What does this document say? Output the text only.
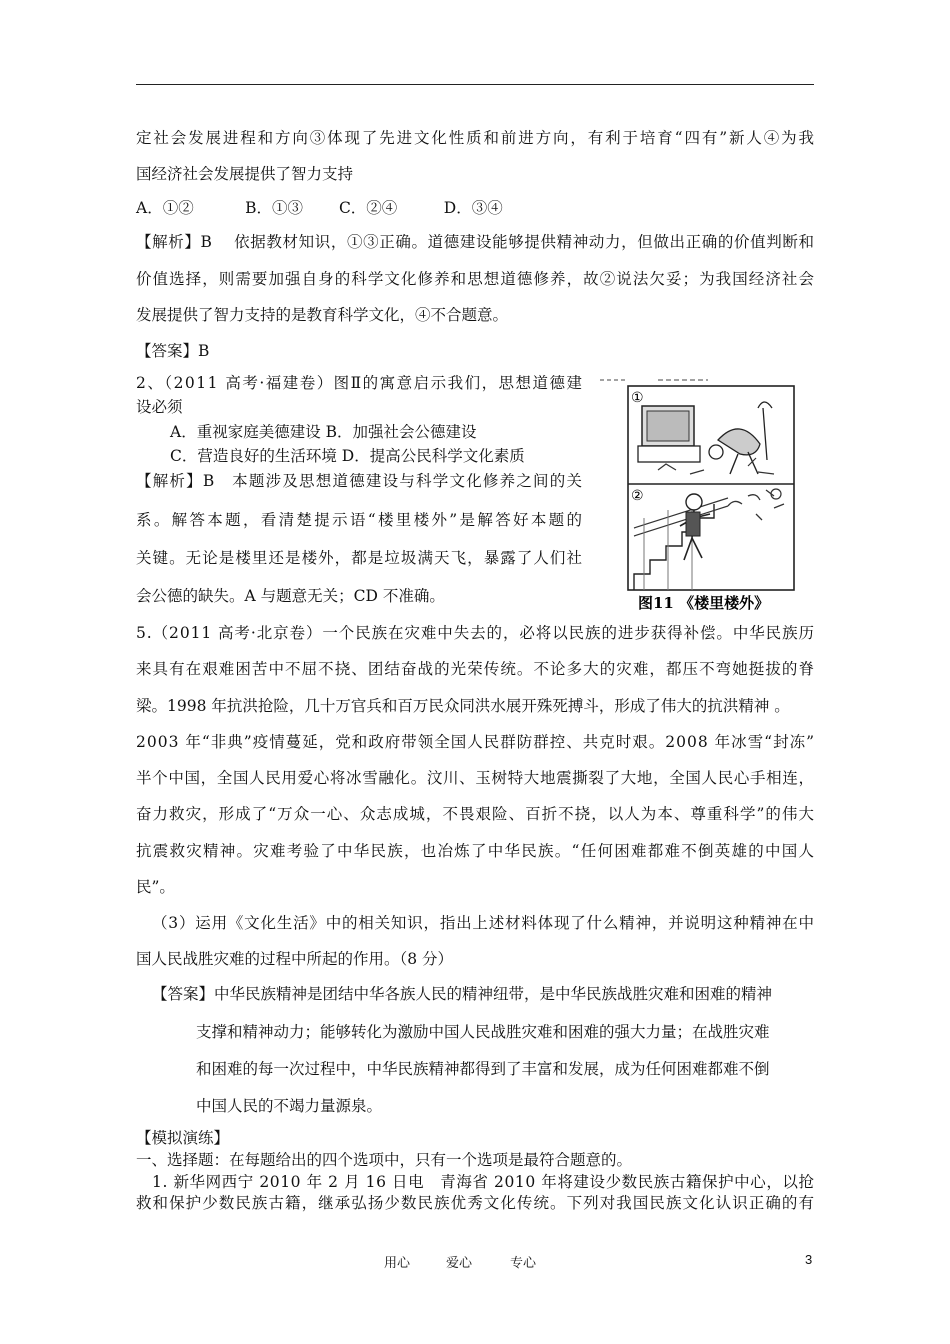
定社会发展进程和方向③体现了先进文化性质和前进方向，有利于培育“四有”新人④为我
国经济社会发展提供了智力支持
A．①②　　　 B．①③　　 C．②④　　　D．③④
【解析】B　 依据教材知识，①③正确。道德建设能够提供精神动力，但做出正确的价值判断和
价值选择，则需要加强自身的科学文化修养和思想道德修养，故②说法欠妥；为我国经济社会
发展提供了智力支持的是教育科学文化，④不合题意。
【答案】B
2、（2011 高考·福建卷）图Ⅱ的寓意启示我们，思想道德建
设必须
A．重视家庭美德建设 B．加强社会公德建设
C．营造良好的生活环境 D．提高公民科学文化素质
【解析】B　本题涉及思想道德建设与科学文化修养之间的关
系。解答本题，看清楚提示语“楼里楼外”是解答好本题的
关键。无论是楼里还是楼外，都是垃圾满天飞，暴露了人们社
会公德的缺失。A 与题意无关；CD 不准确。
①
②
图11 《楼里楼外》
5.（2011 高考·北京卷）一个民族在灾难中失去的，必将以民族的进步获得补偿。中华民族历
来具有在艰难困苦中不屈不挠、团结奋战的光荣传统。不论多大的灾难，都压不弯她挺拔的脊
梁。1998 年抗洪抢险，几十万官兵和百万民众同洪水展开殊死搏斗，形成了伟大的抗洪精神 。
2003 年“非典”疫情蔓延，党和政府带领全国人民群防群控、共克时艰。2008 年冰雪“封冻”
半个中国，全国人民用爱心将冰雪融化。汶川、玉树特大地震撕裂了大地，全国人民心手相连，
奋力救灾，形成了“万众一心、众志成城，不畏艰险、百折不挠，以人为本、尊重科学”的伟大
抗震救灾精神。灾难考验了中华民族，也冶炼了中华民族。“任何困难都难不倒英雄的中国人
民”。
（3）运用《文化生活》中的相关知识，指出上述材料体现了什么精神，并说明这种精神在中
国人民战胜灾难的过程中所起的作用。（8 分）
【答案】中华民族精神是团结中华各族人民的精神纽带，是中华民族战胜灾难和困难的精神
支撑和精神动力；能够转化为激励中国人民战胜灾难和困难的强大力量；在战胜灾难
和困难的每一次过程中，中华民族精神都得到了丰富和发展，成为任何困难都难不倒
中国人民的不竭力量源泉。
【模拟演练】
一、选择题：在每题给出的四个选项中，只有一个选项是最符合题意的。
1. 新华网西宁 2010 年 2 月 16 日电　青海省 2010 年将建设少数民族古籍保护中心，以抢
救和保护少数民族古籍，继承弘扬少数民族优秀文化传统。下列对我国民族文化认识正确的有
用心	爱心	专心	3
